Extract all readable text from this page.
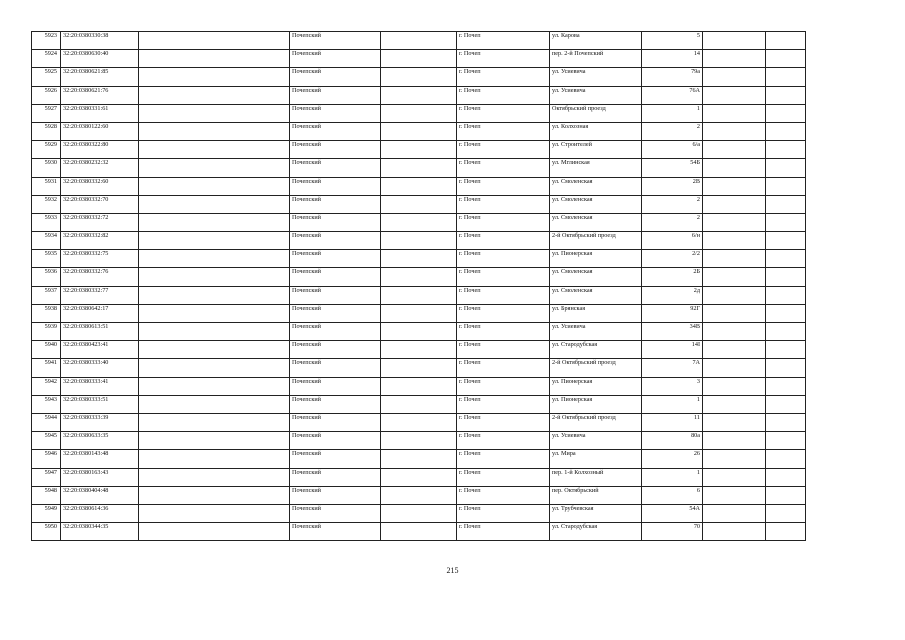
5923	32:20:0380330:38		Почепский		г. Почеп	ул. Карова	5		
5924	32:20:0380630:40		Почепский		г. Почеп	пер. 2-й Почепский	14		
5925	32:20:0380621:85		Почепский		г. Почеп	ул. Усиевича	79а		
5926	32:20:0380621:76		Почепский		г. Почеп	ул. Усиевича	76А		
5927	32:20:0380331:61		Почепский		г. Почеп	Октябрьский проезд	1		
5928	32:20:0380122:60		Почепский		г. Почеп	ул. Колхозная	2		
5929	32:20:0380322:80		Почепский		г. Почеп	ул. Строителей	6/а		
5930	32:20:0380232:32		Почепский		г. Почеп	ул. Мглинская	54Б		
5931	32:20:0380332:60		Почепский		г. Почеп	ул. Смоленская	2В		
5932	32:20:0380332:70		Почепский		г. Почеп	ул. Смоленская	2		
5933	32:20:0380332:72		Почепский		г. Почеп	ул. Смоленская	2		
5934	32:20:0380332:82		Почепский		г. Почеп	2-й Октябрьский проезд	6/н		
5935	32:20:0380332:75		Почепский		г. Почеп	ул. Пионерская	2/2		
5936	32:20:0380332:76		Почепский		г. Почеп	ул. Смоленская	2Б		
5937	32:20:0380332:77		Почепский		г. Почеп	ул. Смоленская	2д		
5938	32:20:0380642:17		Почепский		г. Почеп	ул. Брянская	92Г		
5939	32:20:0380613:51		Почепский		г. Почеп	ул. Усиевича	34В		
5940	32:20:0380423:41		Почепский		г. Почеп	ул. Стародубская	14I		
5941	32:20:0380333:40		Почепский		г. Почеп	2-й Октябрьский проезд	7А		
5942	32:20:0380333:41		Почепский		г. Почеп	ул. Пионерская	3		
5943	32:20:0380333:51		Почепский		г. Почеп	ул. Пионерская	1		
5944	32:20:0380333:39		Почепский		г. Почеп	2-й Октябрьский проезд	11		
5945	32:20:0380633:35		Почепский		г. Почеп	ул. Усиевича	80а		
5946	32:20:0380143:48		Почепский		г. Почеп	ул. Мира	26		
5947	32:20:0380163:43		Почепский		г. Почеп	пер. 1-й Колхозный	1		
5948	32:20:0380404:48		Почепский		г. Почеп	пер. Октябрьский	6		
5949	32:20:0380614:36		Почепский		г. Почеп	ул. Трубчевская	54А		
5950	32:20:0380344:35		Почепский		г. Почеп	ул. Стародубская	70		
215
